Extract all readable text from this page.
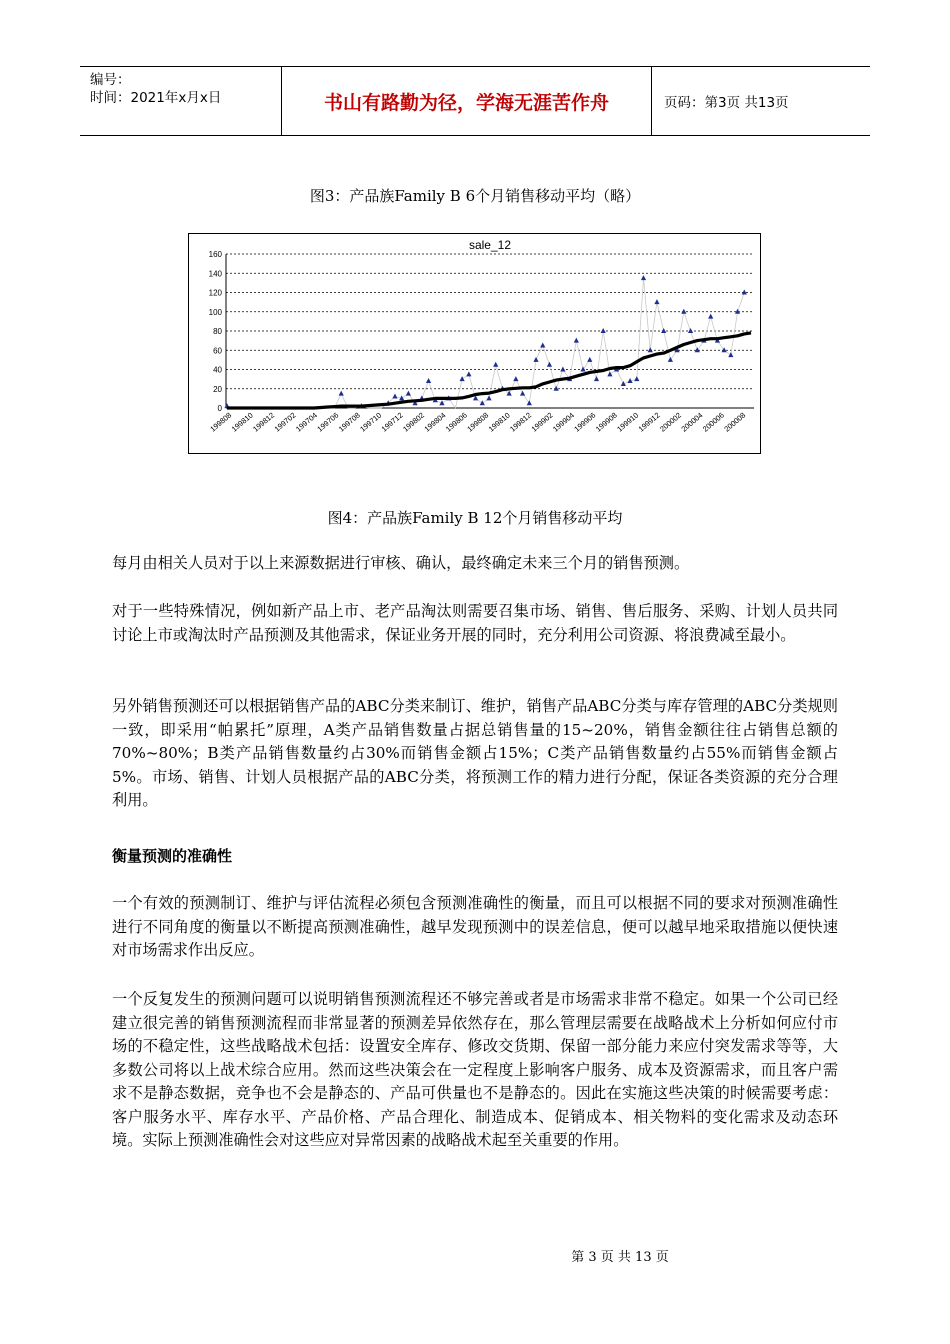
编号：
时间：2021年x月x日	书山有路勤为径，学海无涯苦作舟	页码：第3页 共13页
图3：产品族Family B 6个月销售移动平均（略）
sale_12
0
20
40
60
80
100
120
140
160
199808
199810
199812
199702
199704
199706
199708
199710
199712
199802
199804
199806
199808
199810
199812
199902
199904
199906
199908
199910
199912
200002
200004
200006
200008
图4：产品族Family B 12个月销售移动平均
每月由相关人员对于以上来源数据进行审核、确认，最终确定未来三个月的销售预测。
对于一些特殊情况，例如新产品上市、老产品淘汰则需要召集市场、销售、售后服务、采购、计划人员共同讨论上市或淘汰时产品预测及其他需求，保证业务开展的同时，充分利用公司资源、将浪费减至最小。
另外销售预测还可以根据销售产品的ABC分类来制订、维护，销售产品ABC分类与库存管理的ABC分类规则一致，即采用“帕累托”原理，A类产品销售数量占据总销售量的15~20%，销售金额往往占销售总额的70%~80%；B类产品销售数量约占30%而销售金额占15%；C类产品销售数量约占55%而销售金额占5%。市场、销售、计划人员根据产品的ABC分类，将预测工作的精力进行分配，保证各类资源的充分合理利用。
衡量预测的准确性
一个有效的预测制订、维护与评估流程必须包含预测准确性的衡量，而且可以根据不同的要求对预测准确性进行不同角度的衡量以不断提高预测准确性，越早发现预测中的误差信息，便可以越早地采取措施以便快速对市场需求作出反应。
一个反复发生的预测问题可以说明销售预测流程还不够完善或者是市场需求非常不稳定。如果一个公司已经建立很完善的销售预测流程而非常显著的预测差异依然存在，那么管理层需要在战略战术上分析如何应付市场的不稳定性，这些战略战术包括：设置安全库存、修改交货期、保留一部分能力来应付突发需求等等，大多数公司将以上战术综合应用。然而这些决策会在一定程度上影响客户服务、成本及资源需求，而且客户需求不是静态数据，竞争也不会是静态的、产品可供量也不是静态的。因此在实施这些决策的时候需要考虑：客户服务水平、库存水平、产品价格、产品合理化、制造成本、促销成本、相关物料的变化需求及动态环境。实际上预测准确性会对这些应对异常因素的战略战术起至关重要的作用。
第 3 页 共 13 页
